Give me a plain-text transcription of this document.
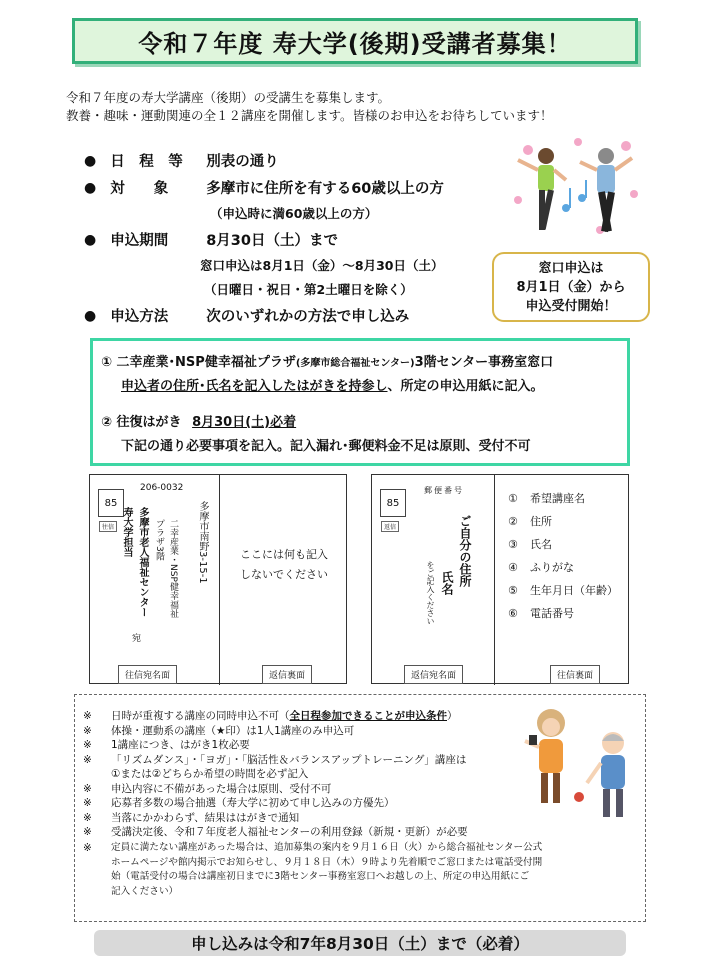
令和７年度 寿大学(後期)受講者募集！
令和７年度の寿大学講座（後期）の受講生を募集します。
教養・趣味・運動関連の全１２講座を開催します。皆様のお申込をお待ちしています！
● 日　程　等	別表の通り
● 対　　象	多摩市に住所を有する60歳以上の方
（申込時に満60歳以上の方）
● 申込期間	8月30日（土）まで
窓口申込は8月1日（金）～8月30日（土）
（日曜日・祝日・第2土曜日を除く）
● 申込方法	次のいずれかの方法で申し込み
窓口申込は
8月1日（金）から
申込受付開始！
① 二幸産業･NSP健幸福祉プラザ(多摩市総合福祉センター)3階センター事務室窓口
申込者の住所･氏名を記入したはがきを持参し、所定の申込用紙に記入。
② 往復はがき 8月30日(土)必着
下記の通り必要事項を記入。記入漏れ･郵便料金不足は原則、受付不可
85
往信
206-0032
多摩市南野3-15-1
二幸産業・NSP健幸福祉
プラザ3階
多摩市老人福祉センター
寿大学担当
宛
ここには何も記入
しないでください
往信宛名面	返信裏面
85
返信
郵便番号
ご自分の住所
氏名
をご記入ください
①	希望講座名
②	住所
③	氏名
④	ふりがな
⑤	生年月日（年齢）
⑥	電話番号
返信宛名面	往信裏面
※	日時が重複する講座の同時申込不可（全日程参加できることが申込条件）
※	体操・運動系の講座（★印）は1人1講座のみ申込可
※	1講座につき、はがき1枚必要
※	「リズムダンス」・「ヨガ」・「脳活性＆バランスアップトレーニング」講座は
①または②どちらか希望の時間を必ず記入
※	申込内容に不備があった場合は原則、受付不可
※	応募者多数の場合抽選（寿大学に初めて申し込みの方優先）
※	当落にかかわらず、結果ははがきで通知
※	受講決定後、令和７年度老人福祉センターの利用登録（新規・更新）が必要
※	定員に満たない講座があった場合は、追加募集の案内を９月１６日（火）から総合福祉センター公式
ホームページや館内掲示でお知らせし、９月１８日（木）９時より先着順でご窓口または電話受付開
始（電話受付の場合は講座初日までに3階センター事務室窓口へお越しの上、所定の申込用紙にご
記入ください）
申し込みは令和7年8月30日（土）まで（必着）
